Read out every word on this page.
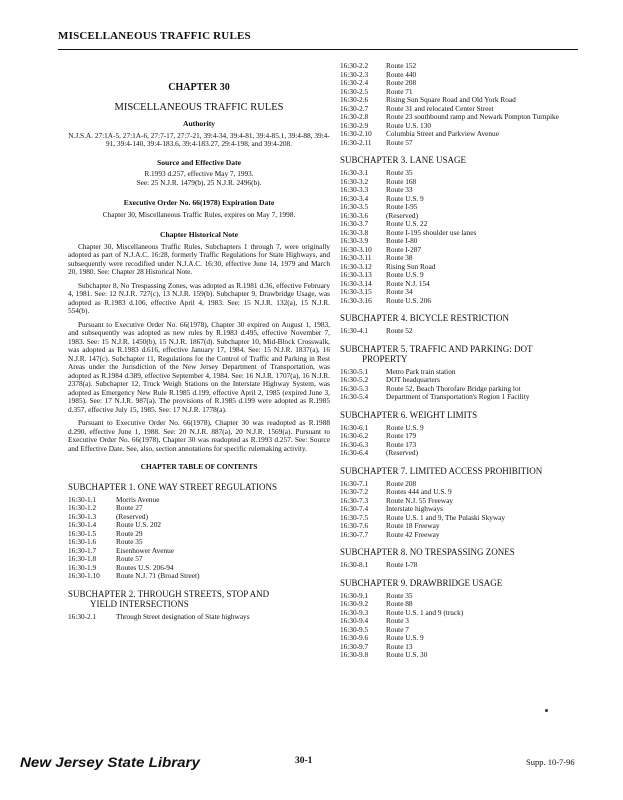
MISCELLANEOUS TRAFFIC RULES
CHAPTER 30
MISCELLANEOUS TRAFFIC RULES
Authority
N.J.S.A. 27:1A-5, 27:1A-6, 27:7-17, 27:7-21, 39:4-34, 39:4-81, 39:4-85.1, 39:4-88, 39:4-91, 39:4-140, 39:4-183.6, 39:4-183.27, 29:4-198, and 39:4-208.
Source and Effective Date
R.1993 d.257, effective May 7, 1993.
See: 25 N.J.R. 1479(b), 25 N.J.R. 2496(b).
Executive Order No. 66(1978) Expiration Date
Chapter 30, Miscellaneous Traffic Rules, expires on May 7, 1998.
Chapter Historical Note

Chapter 30, Miscellaneous Traffic Rules, Subchapters 1 through 7, were originally adopted as part of N.J.A.C. 16:28, formerly Traffic Regulations for State Highways, and subsequently were recodified under N.J.A.C. 16:30, effective June 14, 1979 and March 20, 1980. See: Chapter 28 Historical Note.

Subchapter 8, No Trespassing Zones, was adopted as R.1981 d.36, effective February 4, 1981. See: 12 N.J.R. 727(c), 13 N.J.R. 159(b). Subchapter 9, Drawbridge Usage, was adopted as R.1983 d.106, effective April 4, 1983. See: 15 N.J.R. 132(a), 15 N.J.R. 554(b).

Pursuant to Executive Order No. 66(1978), Chapter 30 expired on August 1, 1983, and subsequently was adopted as new rules by R.1983 d.495, effective November 7, 1983. See: 15 N.J.R. 1450(b), 15 N.J.R. 1867(d). Subchapter 10, Mid-Block Crosswalk, was adopted as R.1983 d.616, effective January 17, 1984. See: 15 N.J.R. 1837(a), 16 N.J.R. 147(c). Subchapter 11, Regulations for the Control of Traffic and Parking in Rest Areas under the Jurisdiction of the New Jersey Department of Transportation, was adopted as R.1984 d.389, effective September 4, 1984. See: 16 N.J.R. 1707(a), 16 N.J.R. 2378(a). Subchapter 12, Truck Weigh Stations on the Interstate Highway System, was adopted as Emergency New Rule R.1985 d.199, effective April 2, 1985 (expired June 3, 1985). See: 17 N.J.R. 987(a). The provisions of R.1985 d.199 were adopted as R.1985 d.357, effective July 15, 1985. See: 17 N.J.R. 1778(a).

Pursuant to Executive Order No. 66(1978), Chapter 30 was readopted as R.1988 d.290, effective June 1, 1988. See: 20 N.J.R. 887(a), 20 N.J.R. 1569(a). Pursuant to Executive Order No. 66(1978), Chapter 30 was readopted as R.1993 d.257. See: Source and Effective Date. See, also, section annotations for specific rulemaking activity.

CHAPTER TABLE OF CONTENTS
SUBCHAPTER 1. ONE WAY STREET REGULATIONS
16:30-1.1	Morris Avenue
16:30-1.2	Route 27
16:30-1.3	(Reserved)
16:30-1.4	Route U.S. 202
16:30-1.5	Route 29
16:30-1.6	Route 35
16:30-1.7	Eisenhower Avenue
16:30-1.8	Route 57
16:30-1.9	Routes U.S. 206-94
16:30-1.10	Route N.J. 71 (Broad Street)
SUBCHAPTER 2. THROUGH STREETS, STOP AND
YIELD INTERSECTIONS
16:30-2.1	Through Street designation of State highways
16:30-2.2	Route 152
16:30-2.3	Route 440
16:30-2.4	Route 208
16:30-2.5	Route 71
16:30-2.6	Rising Sun Square Road and Old York Road
16:30-2.7	Route 31 and relocated Center Street
16:30-2.8	Route 23 southbound ramp and Newark Pompton Turnpike
16:30-2.9	Route U.S. 130
16:30-2.10	Columbia Street and Parkview Avenue
16:30-2.11	Route 57
SUBCHAPTER 3. LANE USAGE
16:30-3.1	Route 35
16:30-3.2	Route 168
16:30-3.3	Route 33
16:30-3.4	Route U.S. 9
16:30-3.5	Route I-95
16:30-3.6	(Reserved)
16:30-3.7	Route U.S. 22
16:30-3.8	Route I-195 shoulder use lanes
16:30-3.9	Route I-80
16:30-3.10	Route I-287
16:30-3.11	Route 38
16:30-3.12	Rising Sun Road
16:30-3.13	Route U.S. 9
16:30-3.14	Route N.J. 154
16:30-3.15	Route 34
16:30-3.16	Route U.S. 206
SUBCHAPTER 4. BICYCLE RESTRICTION
16:30-4.1	Route 52
SUBCHAPTER 5. TRAFFIC AND PARKING: DOT
PROPERTY
16:30-5.1	Metro Park train station
16:30-5.2	DOT headquarters
16:30-5.3	Route 52, Beach Thorofare Bridge parking lot
16:30-5.4	Department of Transportation's Region 1 Facility
SUBCHAPTER 6. WEIGHT LIMITS
16:30-6.1	Route U.S. 9
16:30-6.2	Route 179
16:30-6.3	Route 173
16:30-6.4	(Reserved)
SUBCHAPTER 7. LIMITED ACCESS PROHIBITION
16:30-7.1	Route 208
16:30-7.2	Routes 444 and U.S. 9
16:30-7.3	Route N.J. 55 Freeway
16:30-7.4	Interstate highways
16:30-7.5	Route U.S. 1 and 9, The Pulaski Skyway
16:30-7.6	Route 18 Freeway
16:30-7.7	Route 42 Freeway
SUBCHAPTER 8. NO TRESPASSING ZONES
16:30-8.1	Route I-78
SUBCHAPTER 9. DRAWBRIDGE USAGE
16:30-9.1	Route 35
16:30-9.2	Route 88
16:30-9.3	Route U.S. 1 and 9 (truck)
16:30-9.4	Route 3
16:30-9.5	Route 7
16:30-9.6	Route U.S. 9
16:30-9.7	Route 13
16:30-9.8	Route U.S. 30
New Jersey State Library	30-1	Supp. 10-7-96
